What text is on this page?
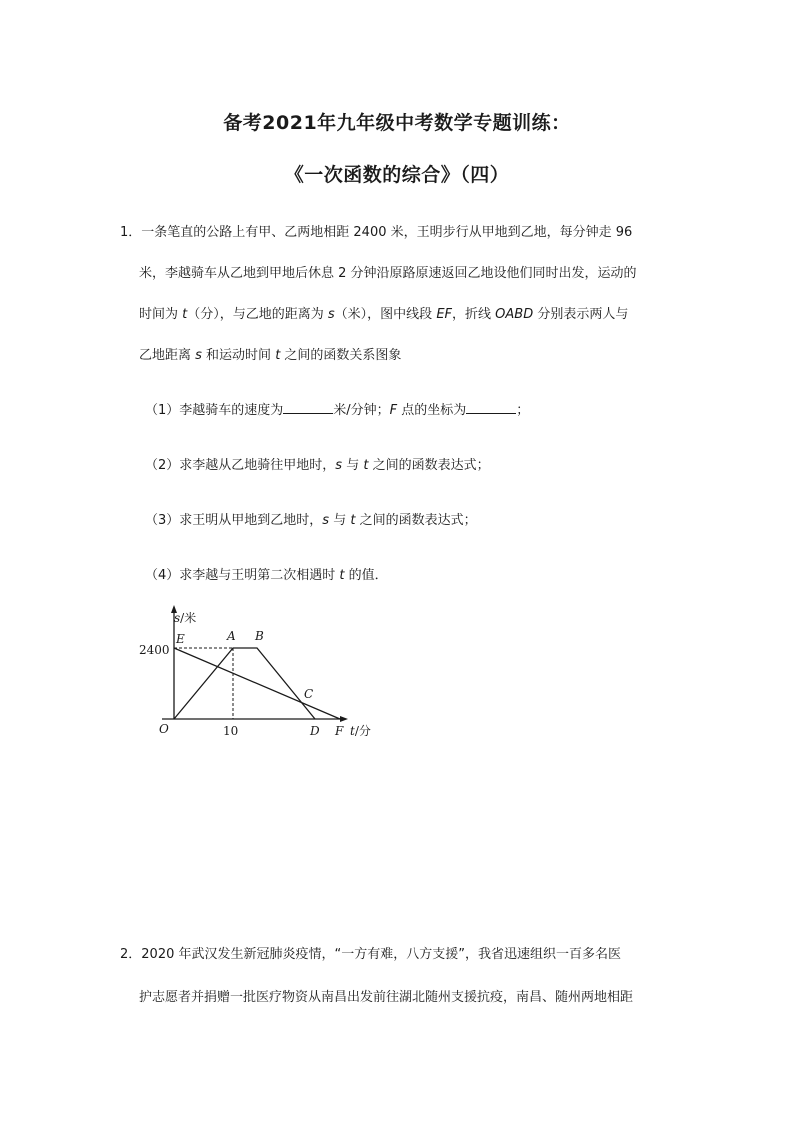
备考2021年九年级中考数学专题训练：
《一次函数的综合》（四）
1．一条笔直的公路上有甲、乙两地相距 2400 米，王明步行从甲地到乙地，每分钟走 96
米，李越骑车从乙地到甲地后休息 2 分钟沿原路原速返回乙地设他们同时出发，运动的
时间为 t（分），与乙地的距离为 s（米），图中线段 EF，折线 OABD 分别表示两人与
乙地距离 s 和运动时间 t 之间的函数关系图象
（1）李越骑车的速度为	米/分钟；F 点的坐标为	；
（2）求李越从乙地骑往甲地时，s 与 t 之间的函数表达式；
（3）求王明从甲地到乙地时，s 与 t 之间的函数表达式；
（4）求李越与王明第二次相遇时 t 的值．
s/米
2400
10
O
E	A B
C
D F t/分
2．2020 年武汉发生新冠肺炎疫情，“一方有难，八方支援”，我省迅速组织一百多名医
护志愿者并捐赠一批医疗物资从南昌出发前往湖北随州支援抗疫，南昌、随州两地相距
